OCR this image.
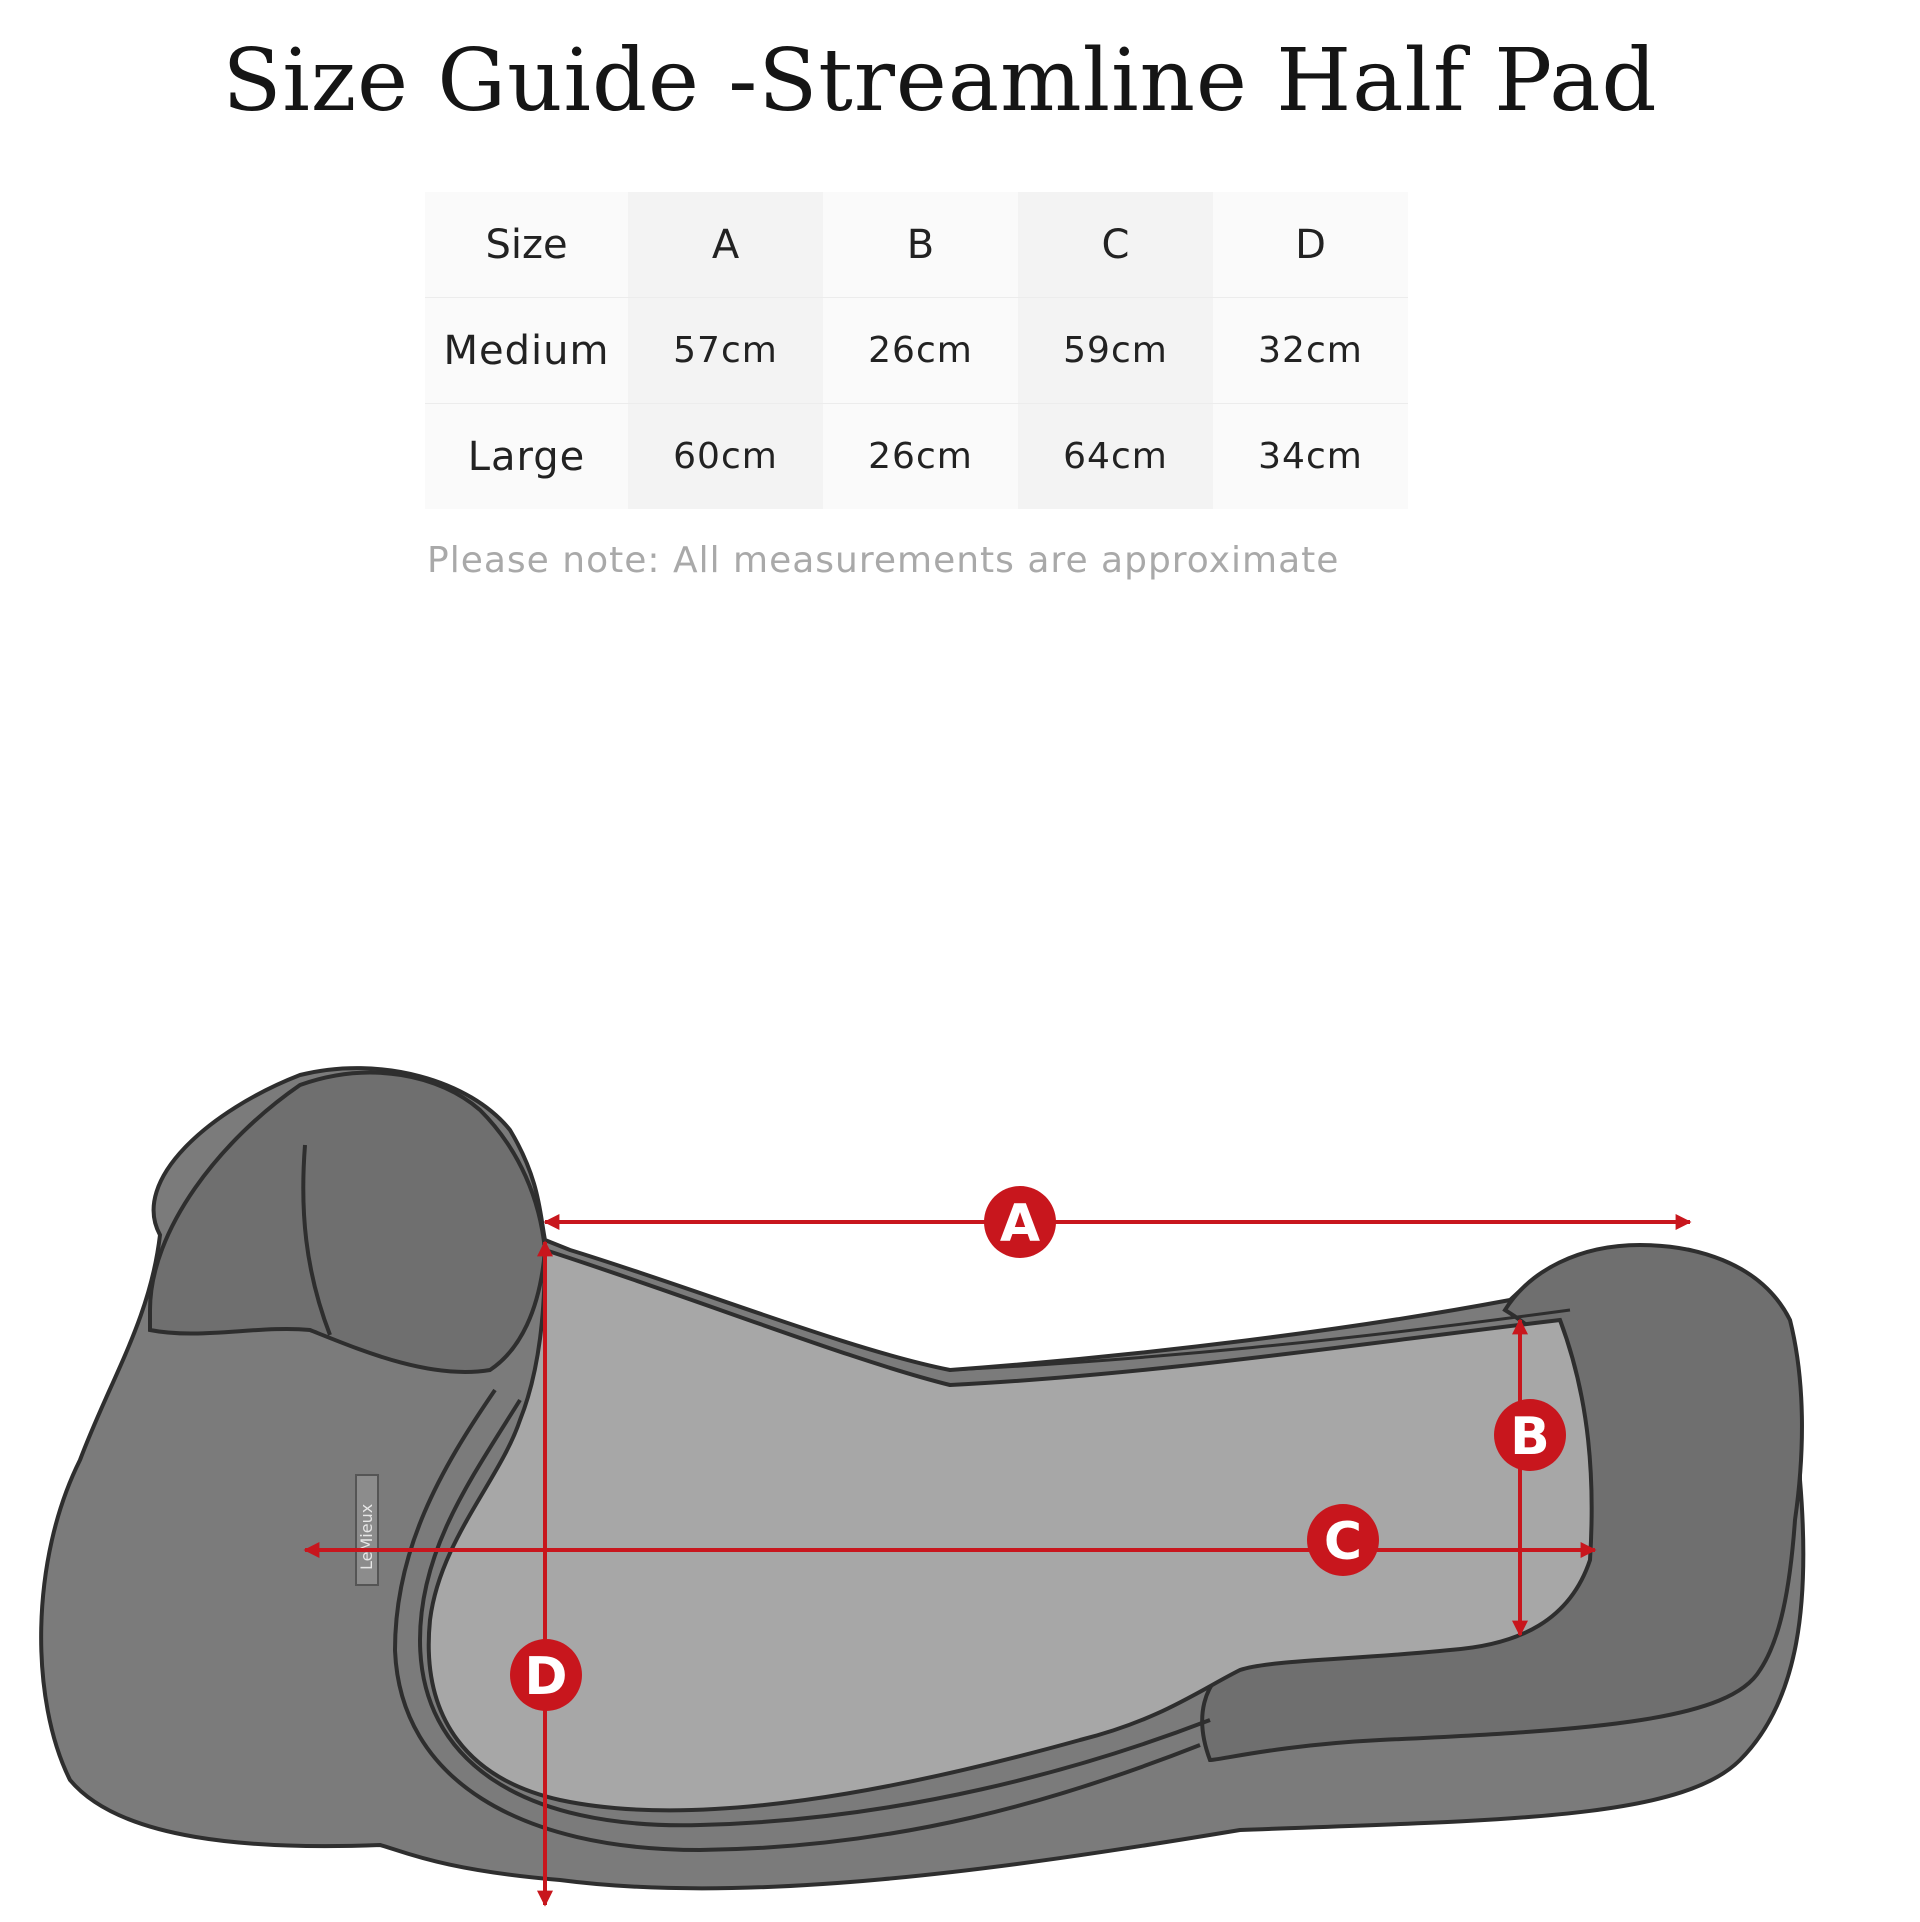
Size Guide -Streamline Half Pad
Size	A	B	C	D
Medium	57cm	26cm	59cm	32cm
Large	60cm	26cm	64cm	34cm
Please note: All measurements are approximate
LeMieux
A
B
C
D
